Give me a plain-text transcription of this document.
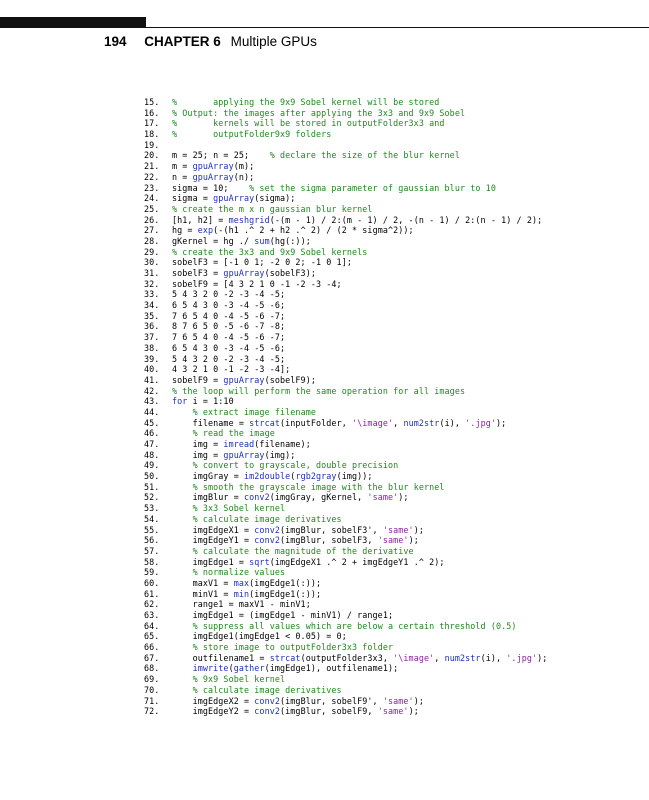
194 CHAPTER 6 Multiple GPUs
15. %       applying the 9x9 Sobel kernel will be stored
16. % Output: the images after applying the 3x3 and 9x9 Sobel
17. %       kernels will be stored in outputFolder3x3 and
18. %       outputFolder9x9 folders
19.
20. m = 25; n = 25;    % declare the size of the blur kernel
21. m = gpuArray(m);
22. n = gpuArray(n);
23. sigma = 10;    % set the sigma parameter of gaussian blur to 10
24. sigma = gpuArray(sigma);
25. % create the m x n gaussian blur kernel
26. [h1, h2] = meshgrid(-(m - 1) / 2:(m - 1) / 2, -(n - 1) / 2:(n - 1) / 2);
27. hg = exp(-(h1 .^ 2 + h2 .^ 2) / (2 * sigma^2));
28. gKernel = hg ./ sum(hg(:));
29. % create the 3x3 and 9x9 Sobel kernels
30. sobelF3 = [-1 0 1; -2 0 2; -1 0 1];
31. sobelF3 = gpuArray(sobelF3);
32. sobelF9 = [4 3 2 1 0 -1 -2 -3 -4;
33. 5 4 3 2 0 -2 -3 -4 -5;
34. 6 5 4 3 0 -3 -4 -5 -6;
35. 7 6 5 4 0 -4 -5 -6 -7;
36. 8 7 6 5 0 -5 -6 -7 -8;
37. 7 6 5 4 0 -4 -5 -6 -7;
38. 6 5 4 3 0 -3 -4 -5 -6;
39. 5 4 3 2 0 -2 -3 -4 -5;
40. 4 3 2 1 0 -1 -2 -3 -4];
41. sobelF9 = gpuArray(sobelF9);
42. % the loop will perform the same operation for all images
43. for i = 1:10
44.	% extract image filename
45.    filename = strcat(inputFolder, '\image', num2str(i), '.jpg');
46.	% read the image
47.    img = imread(filename);
48.    img = gpuArray(img);
49.	% convert to grayscale, double precision
50.    imgGray = im2double(rgb2gray(img));
51.	% smooth the grayscale image with the blur kernel
52.    imgBlur = conv2(imgGray, gKernel, 'same');
53.	% 3x3 Sobel kernel
54.	% calculate image derivatives
55.    imgEdgeX1 = conv2(imgBlur, sobelF3', 'same');
56.    imgEdgeY1 = conv2(imgBlur, sobelF3, 'same');
57.	% calculate the magnitude of the derivative
58.    imgEdge1 = sqrt(imgEdgeX1 .^ 2 + imgEdgeY1 .^ 2);
59.	% normalize values
60.    maxV1 = max(imgEdge1(:));
61.    minV1 = min(imgEdge1(:));
62.    range1 = maxV1 - minV1;
63.    imgEdge1 = (imgEdge1 - minV1) / range1;
64.	% suppress all values which are below a certain threshold (0.5)
65.    imgEdge1(imgEdge1 < 0.05) = 0;
66.	% store image to outputFolder3x3 folder
67.    outfilename1 = strcat(outputFolder3x3, '\image', num2str(i), '.jpg');
68.	imwrite(gather(imgEdge1), outfilename1);
69.	% 9x9 Sobel kernel
70.	% calculate image derivatives
71.    imgEdgeX2 = conv2(imgBlur, sobelF9', 'same');
72.    imgEdgeY2 = conv2(imgBlur, sobelF9, 'same');
